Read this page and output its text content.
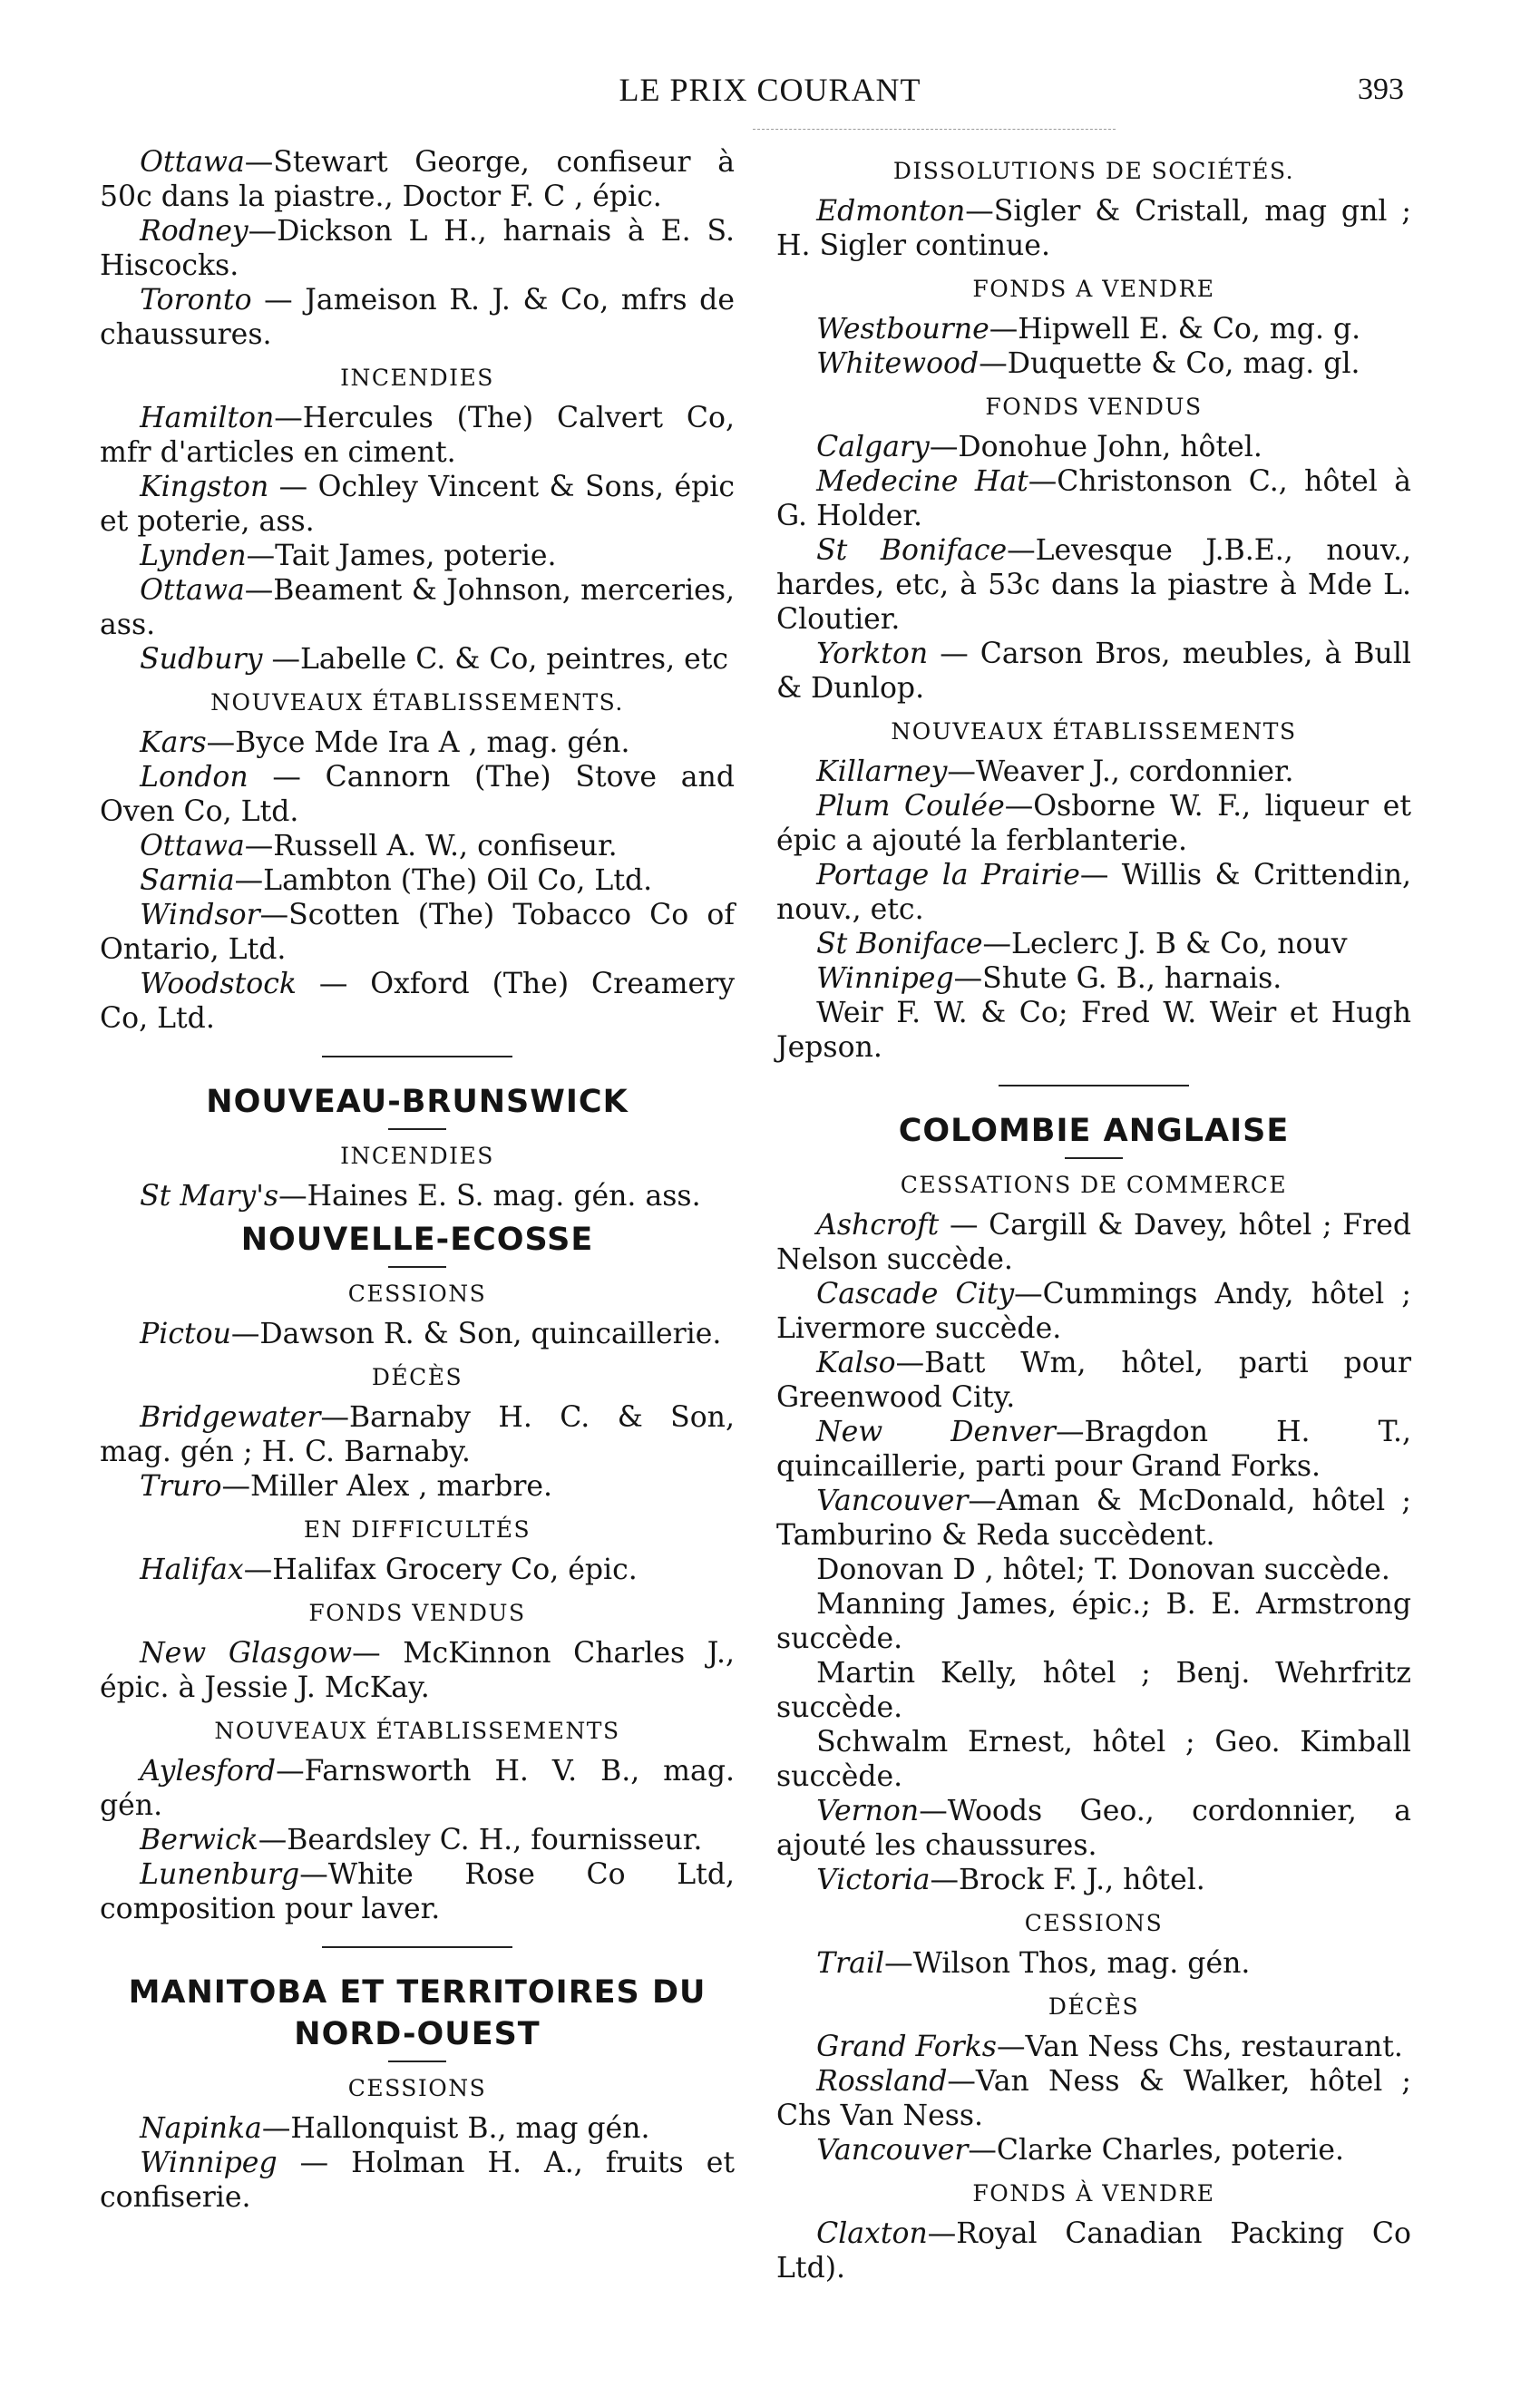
LE PRIX COURANT	393

Ottawa—Stewart George, confiseur à 50c dans la piastre., Doctor F. C , épic.

Rodney—Dickson L H., harnais à E. S. Hiscocks.

Toronto — Jameison R. J. & Co, mfrs de chaussures.

INCENDIES

Hamilton—Hercules (The) Calvert Co, mfr d'articles en ciment.

Kingston — Ochley Vincent & Sons, épic et poterie, ass.

Lynden—Tait James, poterie.

Ottawa—Beament & Johnson, merceries, ass.

Sudbury —Labelle C. & Co, peintres, etc

NOUVEAUX ÉTABLISSEMENTS.

Kars—Byce Mde Ira A , mag. gén.

London — Cannorn (The) Stove and Oven Co, Ltd.

Ottawa—Russell A. W., confiseur.

Sarnia—Lambton (The) Oil Co, Ltd.

Windsor—Scotten (The) Tobacco Co of Ontario, Ltd.

Woodstock — Oxford (The) Creamery Co, Ltd.

NOUVEAU-BRUNSWICK
INCENDIES

St Mary's—Haines E. S. mag. gén. ass.

NOUVELLE-ECOSSE
CESSIONS

Pictou—Dawson R. & Son, quincaillerie.

DÉCÈS

Bridgewater—Barnaby H. C. & Son, mag. gén ; H. C. Barnaby.

Truro—Miller Alex , marbre.

EN DIFFICULTÉS

Halifax—Halifax Grocery Co, épic.

FONDS VENDUS

New Glasgow— McKinnon Charles J., épic. à Jessie J. McKay.

NOUVEAUX ÉTABLISSEMENTS

Aylesford—Farnsworth H. V. B., mag. gén.

Berwick—Beardsley C. H., fournisseur.

Lunenburg—White Rose Co Ltd, composition pour laver.

MANITOBA ET TERRITOIRES DU NORD-OUEST
CESSIONS

Napinka—Hallonquist B., mag gén.

Winnipeg — Holman H. A., fruits et confiserie.

DISSOLUTIONS DE SOCIÉTÉS.

Edmonton—Sigler & Cristall, mag gnl ; H. Sigler continue.

FONDS A VENDRE

Westbourne—Hipwell E. & Co, mg. g.

Whitewood—Duquette & Co, mag. gl.

FONDS VENDUS

Calgary—Donohue John, hôtel.

Medecine Hat—Christonson C., hôtel à G. Holder.

St Boniface—Levesque J.B.E., nouv., hardes, etc, à 53c dans la piastre à Mde L. Cloutier.

Yorkton — Carson Bros, meubles, à Bull & Dunlop.

NOUVEAUX ÉTABLISSEMENTS

Killarney—Weaver J., cordonnier.

Plum Coulée—Osborne W. F., liqueur et épic a ajouté la ferblanterie.

Portage la Prairie— Willis & Crittendin, nouv., etc.

St Boniface—Leclerc J. B & Co, nouv

Winnipeg—Shute G. B., harnais.

Weir F. W. & Co; Fred W. Weir et Hugh Jepson.

COLOMBIE ANGLAISE
CESSATIONS DE COMMERCE

Ashcroft — Cargill & Davey, hôtel ; Fred Nelson succède.

Cascade City—Cummings Andy, hôtel ; Livermore succède.

Kalso—Batt Wm, hôtel, parti pour Greenwood City.

New Denver—Bragdon H. T., quincaillerie, parti pour Grand Forks.

Vancouver—Aman & McDonald, hôtel ; Tamburino & Reda succèdent.

Donovan D , hôtel; T. Donovan succède.

Manning James, épic.; B. E. Armstrong succède.

Martin Kelly, hôtel ; Benj. Wehrfritz succède.

Schwalm Ernest, hôtel ; Geo. Kimball succède.

Vernon—Woods Geo., cordonnier, a ajouté les chaussures.

Victoria—Brock F. J., hôtel.

CESSIONS

Trail—Wilson Thos, mag. gén.

DÉCÈS

Grand Forks—Van Ness Chs, restaurant.

Rossland—Van Ness & Walker, hôtel ; Chs Van Ness.

Vancouver—Clarke Charles, poterie.

FONDS À VENDRE

Claxton—Royal Canadian Packing Co Ltd).
